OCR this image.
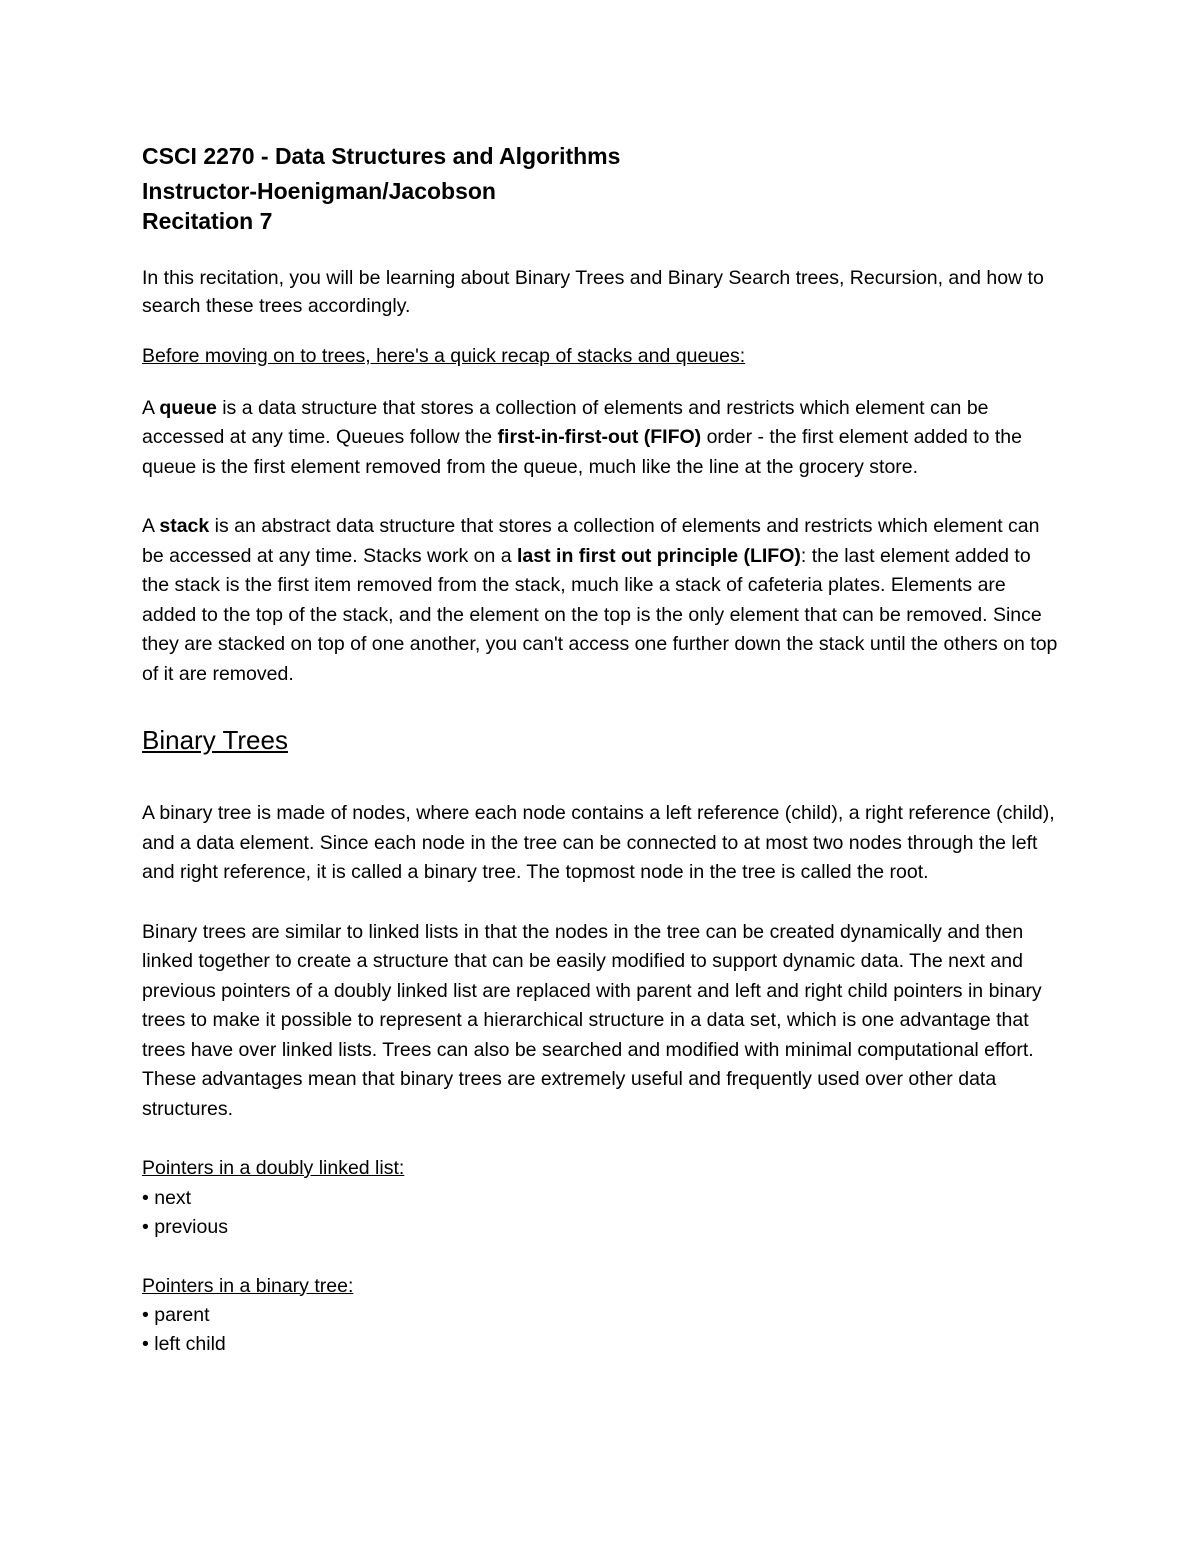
CSCI 2270 - Data Structures and Algorithms

Instructor-Hoenigman/Jacobson

Recitation 7

In this recitation, you will be learning about Binary Trees and Binary Search trees, Recursion, and how to search these trees accordingly.

Before moving on to trees, here's a quick recap of stacks and queues:

A queue is a data structure that stores a collection of elements and restricts which element can be accessed at any time. Queues follow the first-in-first-out (FIFO) order - the first element added to the queue is the first element removed from the queue, much like the line at the grocery store.

A stack is an abstract data structure that stores a collection of elements and restricts which element can be accessed at any time. Stacks work on a last in first out principle (LIFO): the last element added to the stack is the first item removed from the stack, much like a stack of cafeteria plates. Elements are added to the top of the stack, and the element on the top is the only element that can be removed. Since they are stacked on top of one another, you can't access one further down the stack until the others on top of it are removed.

Binary Trees

A binary tree is made of nodes, where each node contains a left reference (child), a right reference (child), and a data element. Since each node in the tree can be connected to at most two nodes through the left and right reference, it is called a binary tree. The topmost node in the tree is called the root.

Binary trees are similar to linked lists in that the nodes in the tree can be created dynamically and then linked together to create a structure that can be easily modified to support dynamic data. The next and previous pointers of a doubly linked list are replaced with parent and left and right child pointers in binary trees to make it possible to represent a hierarchical structure in a data set, which is one advantage that trees have over linked lists. Trees can also be searched and modified with minimal computational effort. These advantages mean that binary trees are extremely useful and frequently used over other data structures.

Pointers in a doubly linked list:

• next

• previous

Pointers in a binary tree:

• parent

• left child
